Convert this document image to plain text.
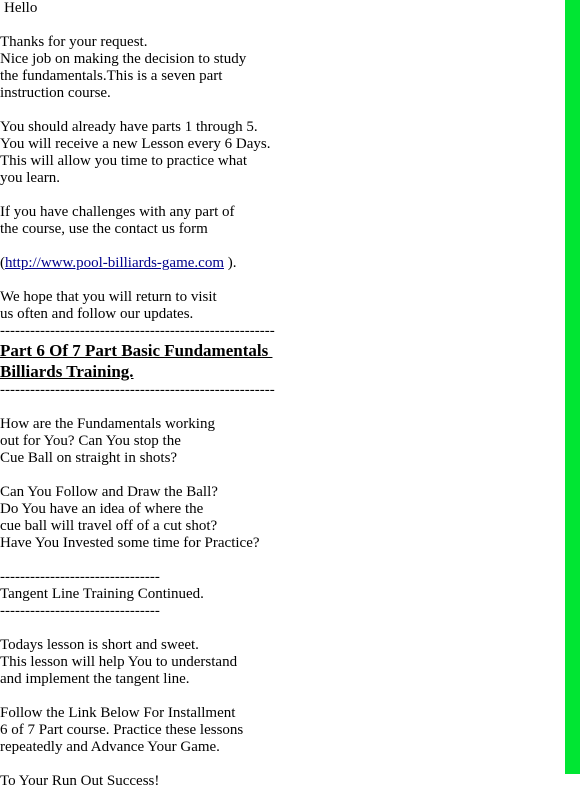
Hello
Thanks for your request.
Nice job on making the decision to study
the fundamentals.This is a seven part
instruction course.
You should already have parts 1 through 5.
You will receive a new Lesson every 6 Days.
This will allow you time to practice what
you learn.
If you have challenges with any part of
the course, use the contact us form
(http://www.pool-billiards-game.com ).
We hope that you will return to visit
us often and follow our updates.
-------------------------------------------------------
Part 6 Of 7 Part Basic Fundamentals
Billiards Training.
-------------------------------------------------------
How are the Fundamentals working
out for You? Can You stop the
Cue Ball on straight in shots?
Can You Follow and Draw the Ball?
Do You have an idea of where the
cue ball will travel off of a cut shot?
Have You Invested some time for Practice?
--------------------------------
Tangent Line Training Continued.
--------------------------------
Todays lesson is short and sweet.
This lesson will help You to understand
and implement the tangent line.
Follow the Link Below For Installment
6 of 7 Part course. Practice these lessons
repeatedly and Advance Your Game.
To Your Run Out Success!
